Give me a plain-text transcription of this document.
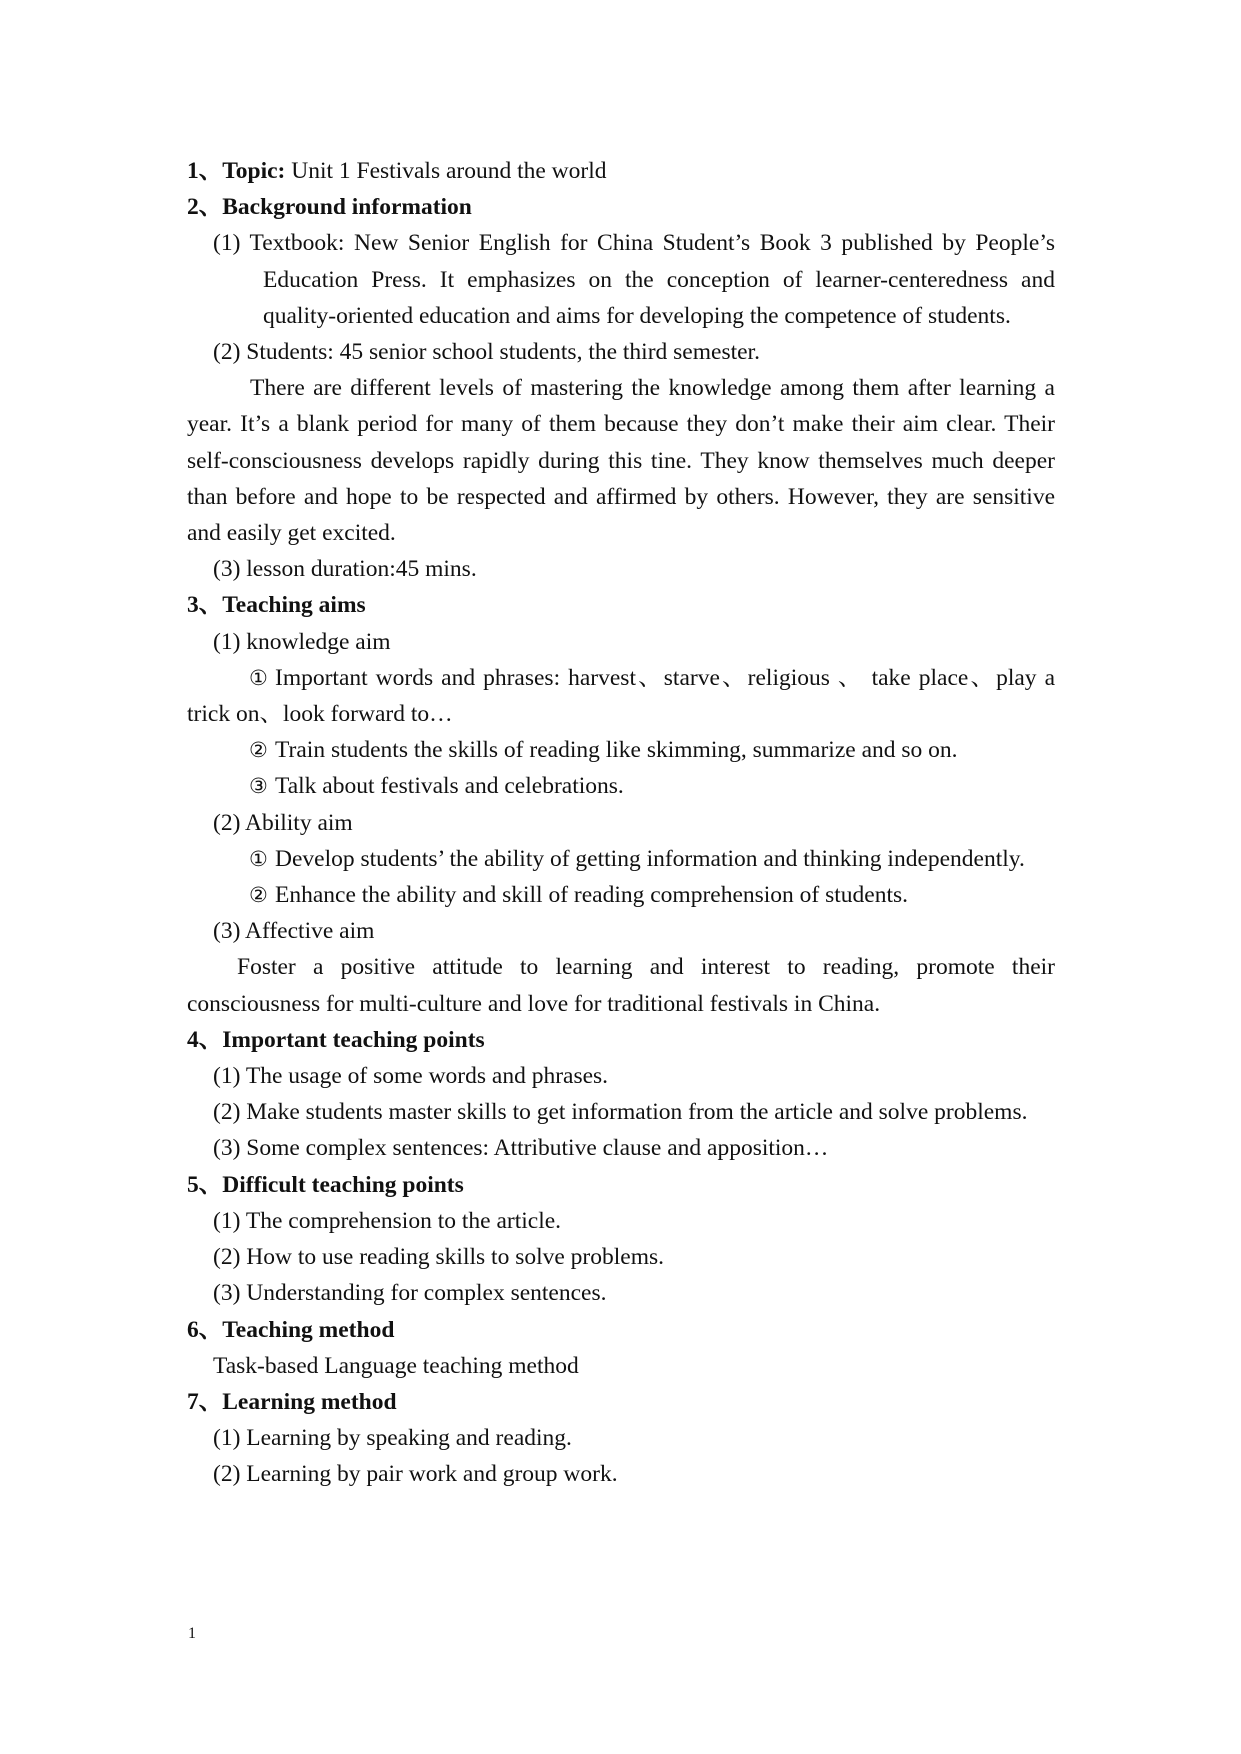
1、Topic: Unit 1 Festivals around the world

2、Background information

(1) Textbook: New Senior English for China Student’s Book 3 published by People’s Education Press. It emphasizes on the conception of learner-centeredness and quality-oriented education and aims for developing the competence of students.

(2) Students: 45 senior school students, the third semester.

There are different levels of mastering the knowledge among them after learning a year. It’s a blank period for many of them because they don’t make their aim clear. Their self-consciousness develops rapidly during this tine. They know themselves much deeper than before and hope to be respected and affirmed by others. However, they are sensitive and easily get excited.

(3) lesson duration:45 mins.

3、Teaching aims

(1) knowledge aim

① Important words and phrases: harvest、starve、religious 、 take place、play a trick on、look forward to…

② Train students the skills of reading like skimming, summarize and so on.

③ Talk about festivals and celebrations.

(2) Ability aim

① Develop students’ the ability of getting information and thinking independently.

② Enhance the ability and skill of reading comprehension of students.

(3) Affective aim

Foster a positive attitude to learning and interest to reading, promote their consciousness for multi-culture and love for traditional festivals in China.

4、Important teaching points

(1) The usage of some words and phrases.

(2) Make students master skills to get information from the article and solve problems.

(3) Some complex sentences: Attributive clause and apposition…

5、Difficult teaching points

(1) The comprehension to the article.

(2) How to use reading skills to solve problems.

(3) Understanding for complex sentences.

6、Teaching method

Task-based Language teaching method

7、Learning method

(1) Learning by speaking and reading.

(2) Learning by pair work and group work.

1
